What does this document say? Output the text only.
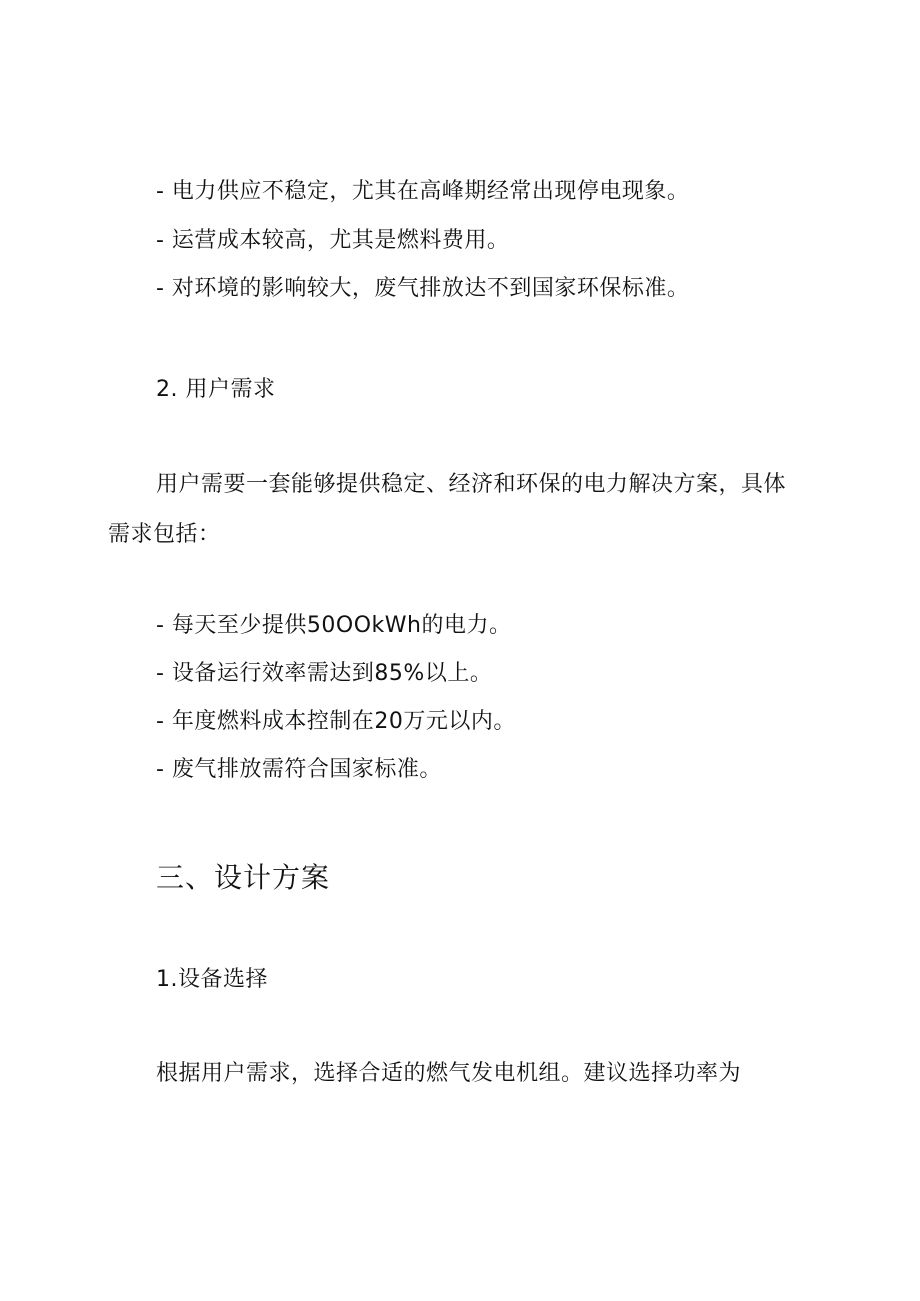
- 电力供应不稳定，尤其在高峰期经常出现停电现象。
- 运营成本较高，尤其是燃料费用。
- 对环境的影响较大，废气排放达不到国家环保标准。
2. 用户需求
用户需要一套能够提供稳定、经济和环保的电力解决方案，具体
需求包括：
- 每天至少提供50OOkWh的电力。
- 设备运行效率需达到85%以上。
- 年度燃料成本控制在20万元以内。
- 废气排放需符合国家标准。
三、设计方案
1.设备选择
根据用户需求，选择合适的燃气发电机组。建议选择功率为
